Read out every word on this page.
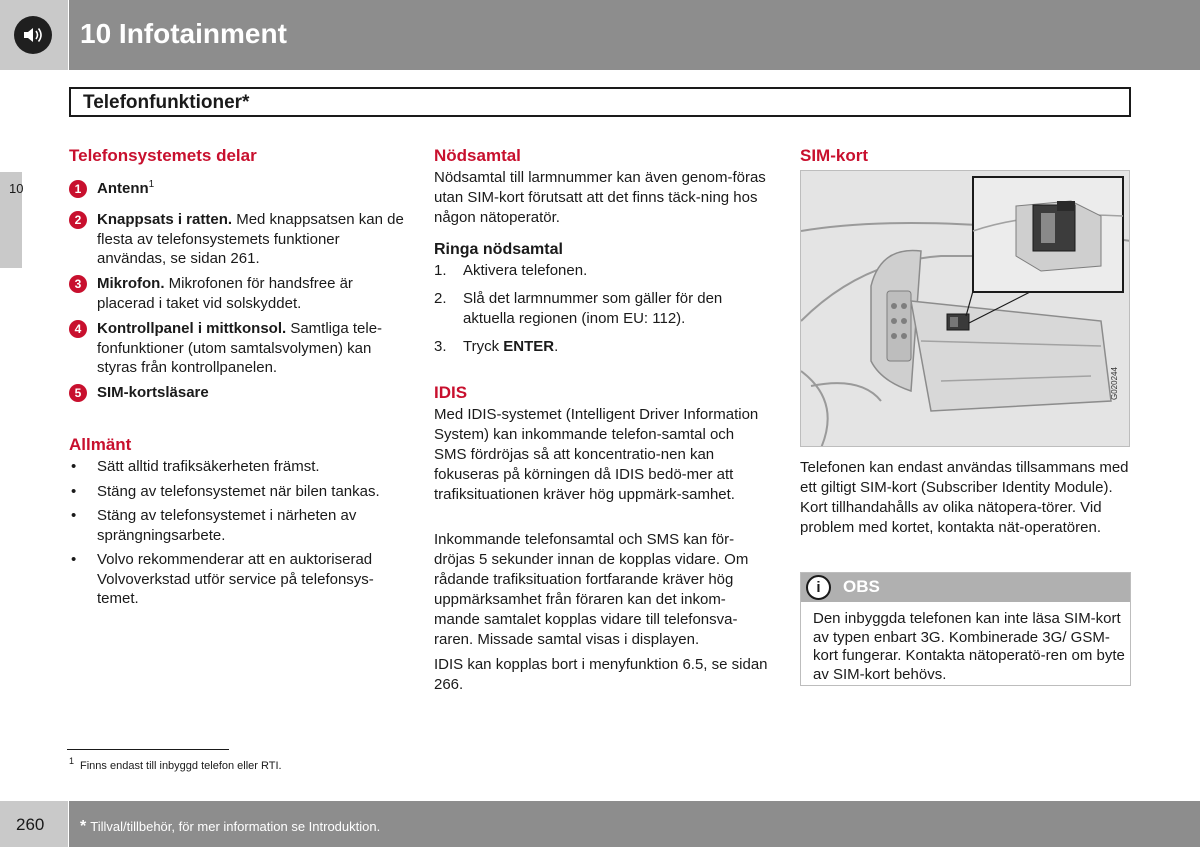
10 Infotainment
Telefonfunktioner*
10
Telefonsystemets delar
1	Antenn$^1$
2	Knappsats i ratten. Med knappsatsen kan de flesta av telefonsystemets funktioner användas, se sidan 261.
3	Mikrofon. Mikrofonen för handsfree är placerad i taket vid solskyddet.
4	Kontrollpanel i mittkonsol. Samtliga tele-fonfunktioner (utom samtalsvolymen) kan styras från kontrollpanelen.
5	SIM-kortsläsare
Allmänt
• Sätt alltid trafiksäkerheten främst.
• Stäng av telefonsystemet när bilen tankas.
• Stäng av telefonsystemet i närheten av sprängningsarbete.
• Volvo rekommenderar att en auktoriserad Volvoverkstad utför service på telefonsys-temet.
Nödsamtal
Nödsamtal till larmnummer kan även genom-föras utan SIM-kort förutsatt att det finns täck-ning hos någon nätoperatör.
Ringa nödsamtal
1. Aktivera telefonen.
2. Slå det larmnummer som gäller för den aktuella regionen (inom EU: 112).
3. Tryck ENTER.
IDIS
Med IDIS-systemet (Intelligent Driver Information System) kan inkommande telefon-samtal och SMS fördröjas så att koncentratio-nen kan fokuseras på körningen då IDIS bedö-mer att trafiksituationen kräver hög uppmärk-samhet.
Inkommande telefonsamtal och SMS kan för-dröjas 5 sekunder innan de kopplas vidare. Om rådande trafiksituation fortfarande kräver hög uppmärksamhet från föraren kan det inkom-mande samtalet kopplas vidare till telefonsva-raren. Missade samtal visas i displayen.
IDIS kan kopplas bort i menyfunktion 6.5, se sidan 266.
SIM-kort
G020244
Telefonen kan endast användas tillsammans med ett giltigt SIM-kort (Subscriber Identity Module). Kort tillhandahålls av olika nätopera-törer. Vid problem med kortet, kontakta nät-operatören.
i	OBS
Den inbyggda telefonen kan inte läsa SIM-kort av typen enbart 3G. Kombinerade 3G/ GSM-kort fungerar. Kontakta nätoperatö-ren om byte av SIM-kort behövs.
$^1$ Finns endast till inbyggd telefon eller RTI.
260 * Tillval/tillbehör, för mer information se Introduktion.
